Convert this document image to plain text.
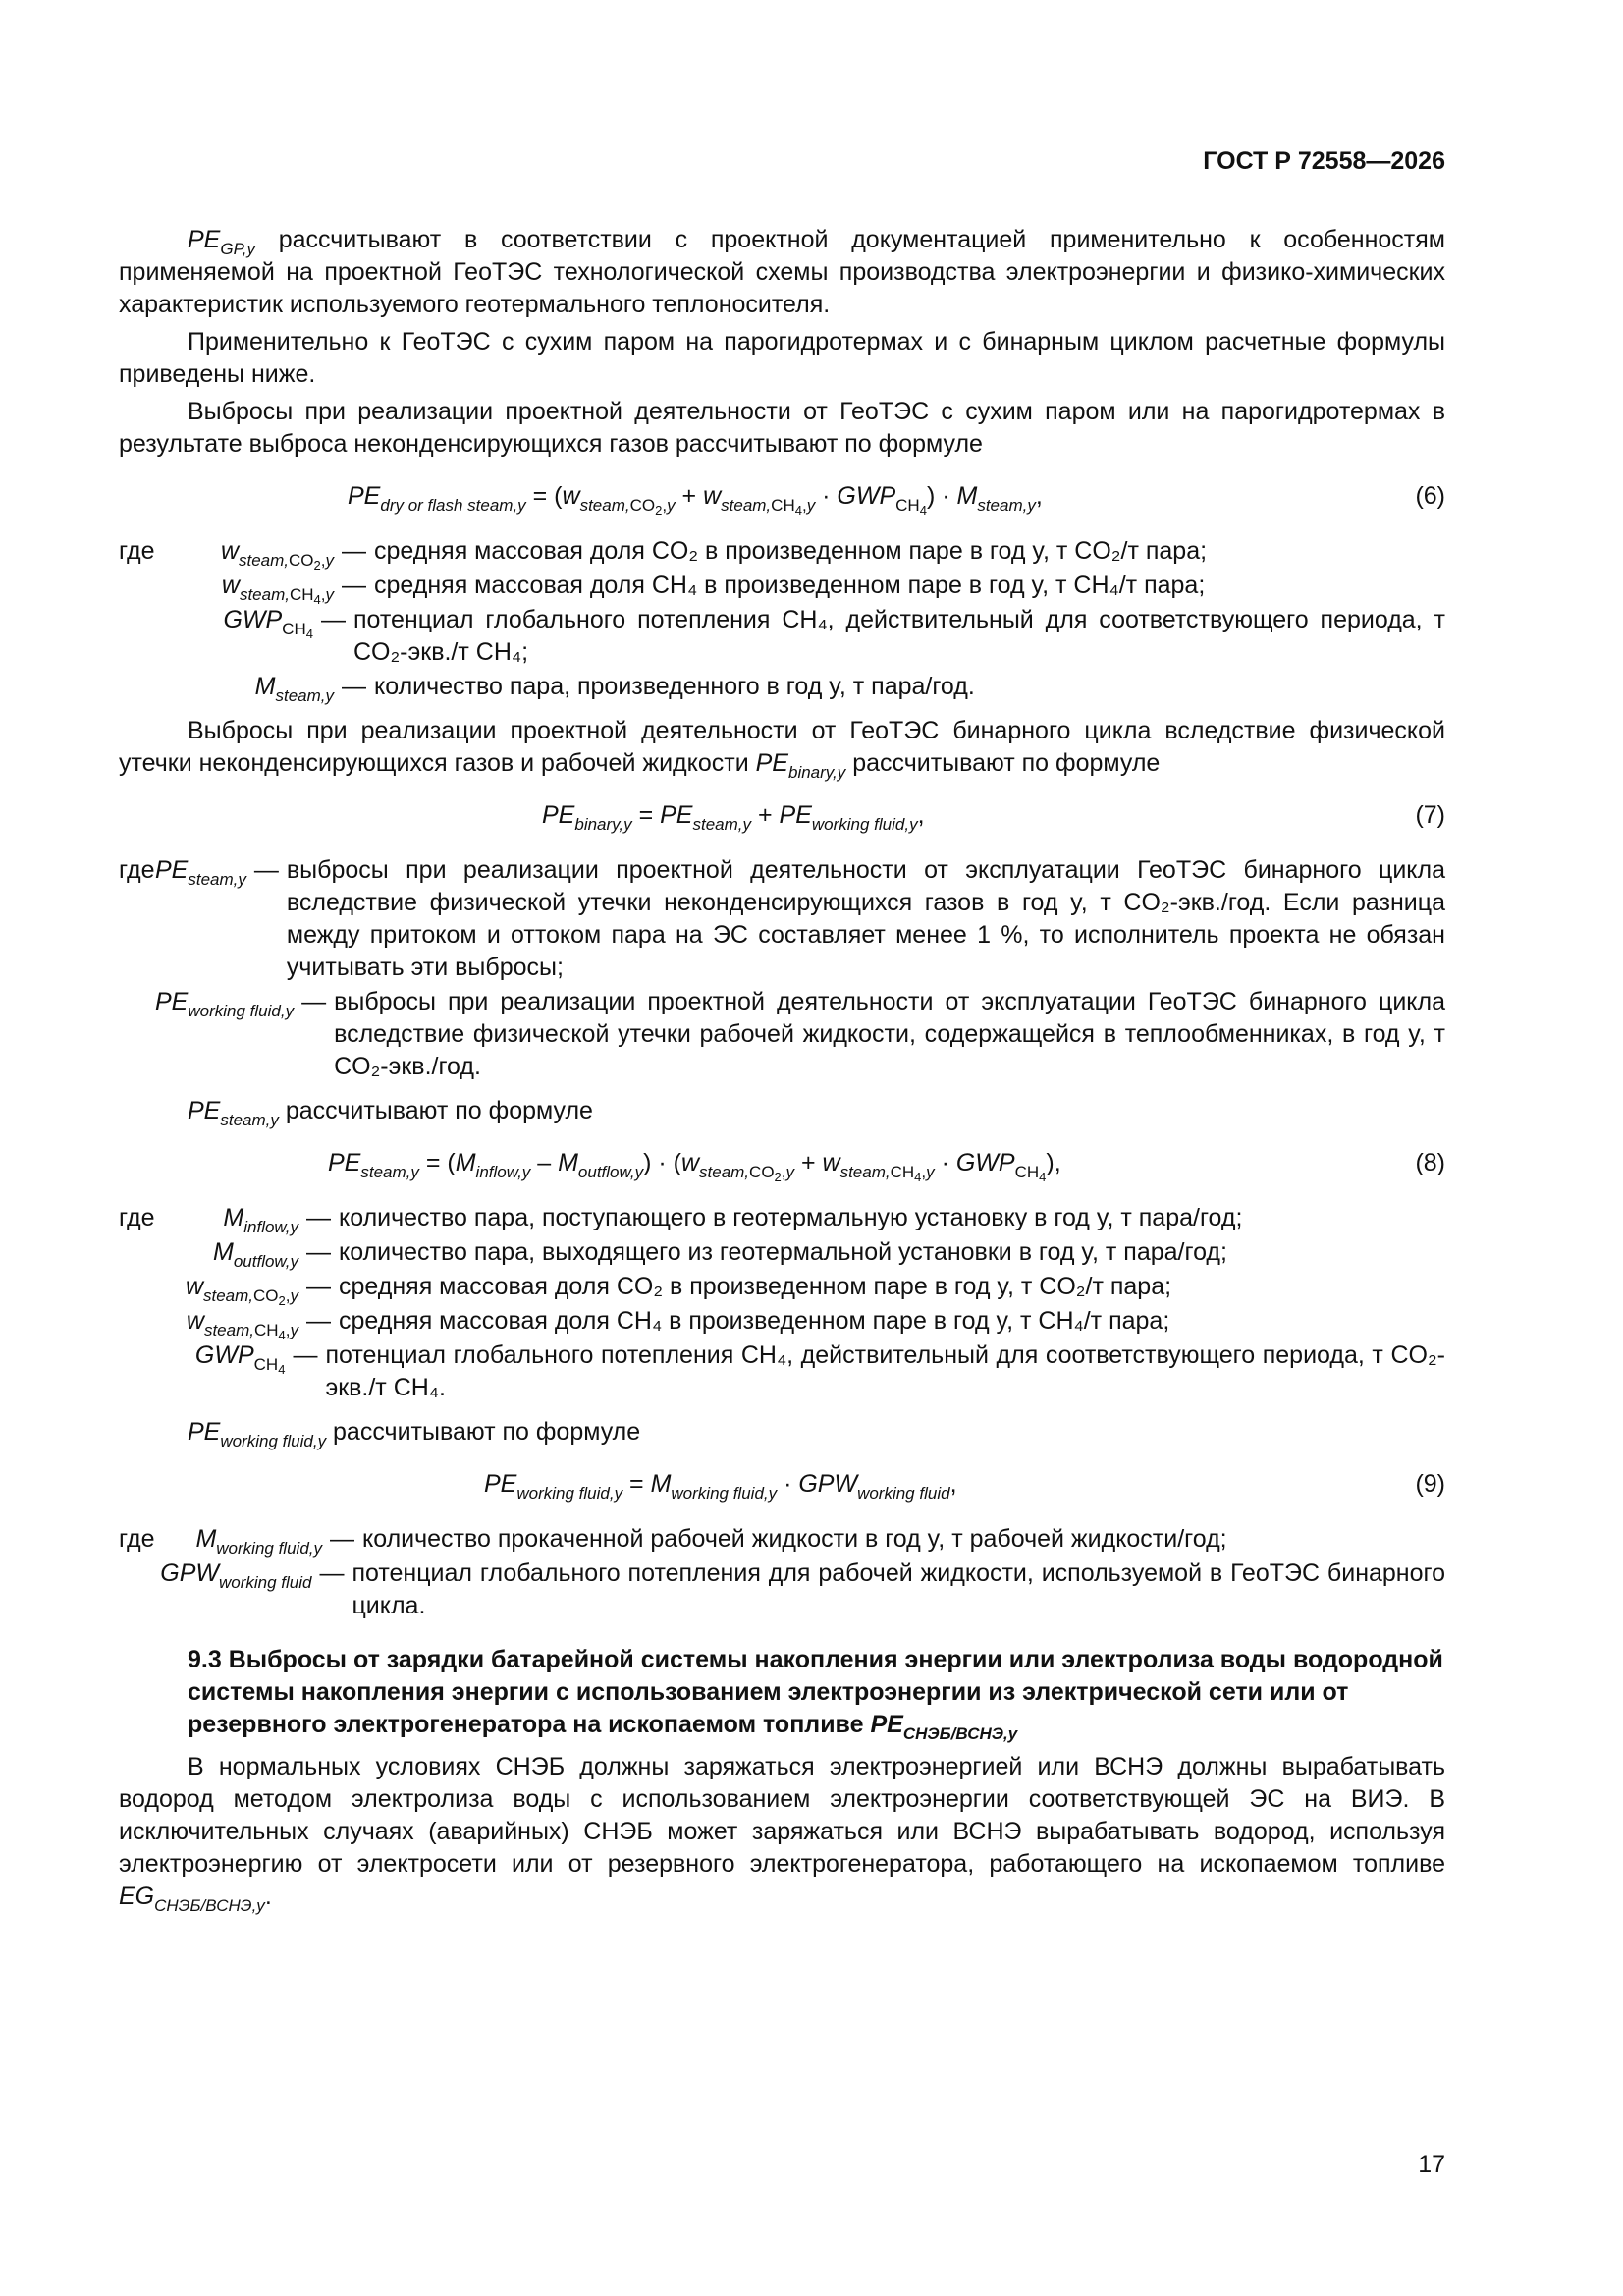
ГОСТ Р 72558—2026

$PE_{GP,y}$ рассчитывают в соответствии с проектной документацией применительно к особенностям применяемой на проектной ГеоТЭС технологической схемы производства электроэнергии и физико-химических характеристик используемого геотермального теплоносителя.

Применительно к ГеоТЭС с сухим паром на парогидротермах и с бинарным циклом расчетные формулы приведены ниже.

Выбросы при реализации проектной деятельности от ГеоТЭС с сухим паром или на парогидротермах в результате выброса неконденсирующихся газов рассчитывают по формуле

$PE_{dry or flash steam,y} = (w_{steam,CO_2,y} + w_{steam,CH_4,y} \cdot GWP_{CH_4}) \cdot M_{steam,y}$,	(6)
где	$w_{steam,CO_2,y}$ — средняя массовая доля CO₂ в произведенном паре в год y, т CO₂/т пара;
$w_{steam,CH_4,y}$ — средняя массовая доля CH₄ в произведенном паре в год y, т CH₄/т пара;
$GWP_{CH_4}$
— потенциал глобального потепления CH₄, действительный для соответствующего периода, т CO₂-экв./т CH₄;
$M_{steam,y}$ — количество пара, произведенного в год y, т пара/год.

Выбросы при реализации проектной деятельности от ГеоТЭС бинарного цикла вследствие физической утечки неконденсирующихся газов и рабочей жидкости $PE_{binary,y}$ рассчитывают по формуле

$PE_{binary,y} = PE_{steam,y} + PE_{working fluid,y}$,	(7)
где $PE_{steam,y}$ — выбросы при реализации проектной деятельности от эксплуатации ГеоТЭС бинарного цикла вследствие физической утечки неконденсирующихся газов в год y, т CO₂-экв./год. Если разница между притоком и оттоком пара на ЭС составляет менее 1 %, то исполнитель проекта не обязан учитывать эти выбросы;
$PE_{working fluid,y}$ — выбросы при реализации проектной деятельности от эксплуатации ГеоТЭС бинарного цикла вследствие физической утечки рабочей жидкости, содержащейся в теплообменниках, в год y, т CO₂-экв./год.

$PE_{steam,y}$ рассчитывают по формуле

$PE_{steam,y} = (M_{inflow,y} - M_{outflow,y}) \cdot (w_{steam,CO_2,y} + w_{steam,CH_4,y} \cdot GWP_{CH_4})$,	(8)
где	$M_{inflow,y}$ — количество пара, поступающего в геотермальную установку в год y, т пара/год;
$M_{outflow,y}$ — количество пара, выходящего из геотермальной установки в год y, т пара/год;
$w_{steam,CO_2,y}$ — средняя массовая доля CO₂ в произведенном паре в год y, т CO₂/т пара;
$w_{steam,CH_4,y}$ — средняя массовая доля CH₄ в произведенном паре в год y, т CH₄/т пара;
$GWP_{CH_4}$
— потенциал глобального потепления CH₄, действительный для соответствующего периода, т CO₂-экв./т CH₄.

$PE_{working fluid,y}$ рассчитывают по формуле

$PE_{working fluid,y} = M_{working fluid,y} \cdot GPW_{working fluid}$,	(9)
где	$M_{working fluid,y}$ — количество прокаченной рабочей жидкости в год y, т рабочей жидкости/год;
$GPW_{working fluid}$ — потенциал глобального потепления для рабочей жидкости, используемой в ГеоТЭС бинарного цикла.
9.3 Выбросы от зарядки батарейной системы накопления энергии или электролиза воды водородной системы накопления энергии с использованием электроэнергии из электрической сети или от резервного электрогенератора на ископаемом топливе $PE_{СНЭБ/ВСНЭ,y}$

В нормальных условиях СНЭБ должны заряжаться электроэнергией или ВСНЭ должны вырабатывать водород методом электролиза воды с использованием электроэнергии соответствующей ЭС на ВИЭ. В исключительных случаях (аварийных) СНЭБ может заряжаться или ВСНЭ вырабатывать водород, используя электроэнергию от электросети или от резервного электрогенератора, работающего на ископаемом топливе $EG_{СНЭБ/ВСНЭ,y}$.

17
